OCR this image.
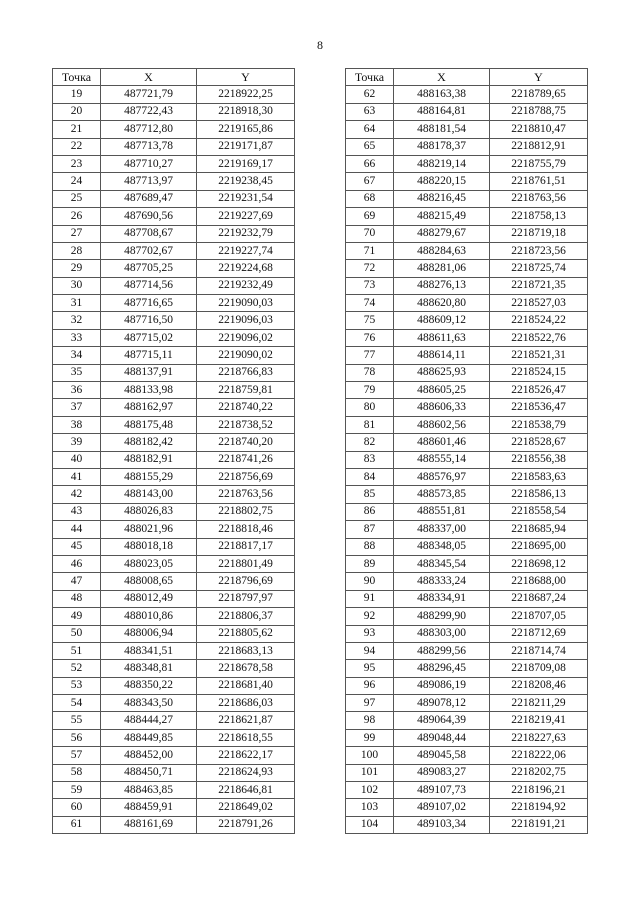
8
Точка	X	Y
19	487721,79	2218922,25
20	487722,43	2218918,30
21	487712,80	2219165,86
22	487713,78	2219171,87
23	487710,27	2219169,17
24	487713,97	2219238,45
25	487689,47	2219231,54
26	487690,56	2219227,69
27	487708,67	2219232,79
28	487702,67	2219227,74
29	487705,25	2219224,68
30	487714,56	2219232,49
31	487716,65	2219090,03
32	487716,50	2219096,03
33	487715,02	2219096,02
34	487715,11	2219090,02
35	488137,91	2218766,83
36	488133,98	2218759,81
37	488162,97	2218740,22
38	488175,48	2218738,52
39	488182,42	2218740,20
40	488182,91	2218741,26
41	488155,29	2218756,69
42	488143,00	2218763,56
43	488026,83	2218802,75
44	488021,96	2218818,46
45	488018,18	2218817,17
46	488023,05	2218801,49
47	488008,65	2218796,69
48	488012,49	2218797,97
49	488010,86	2218806,37
50	488006,94	2218805,62
51	488341,51	2218683,13
52	488348,81	2218678,58
53	488350,22	2218681,40
54	488343,50	2218686,03
55	488444,27	2218621,87
56	488449,85	2218618,55
57	488452,00	2218622,17
58	488450,71	2218624,93
59	488463,85	2218646,81
60	488459,91	2218649,02
61	488161,69	2218791,26
Точка	X	Y
62	488163,38	2218789,65
63	488164,81	2218788,75
64	488181,54	2218810,47
65	488178,37	2218812,91
66	488219,14	2218755,79
67	488220,15	2218761,51
68	488216,45	2218763,56
69	488215,49	2218758,13
70	488279,67	2218719,18
71	488284,63	2218723,56
72	488281,06	2218725,74
73	488276,13	2218721,35
74	488620,80	2218527,03
75	488609,12	2218524,22
76	488611,63	2218522,76
77	488614,11	2218521,31
78	488625,93	2218524,15
79	488605,25	2218526,47
80	488606,33	2218536,47
81	488602,56	2218538,79
82	488601,46	2218528,67
83	488555,14	2218556,38
84	488576,97	2218583,63
85	488573,85	2218586,13
86	488551,81	2218558,54
87	488337,00	2218685,94
88	488348,05	2218695,00
89	488345,54	2218698,12
90	488333,24	2218688,00
91	488334,91	2218687,24
92	488299,90	2218707,05
93	488303,00	2218712,69
94	488299,56	2218714,74
95	488296,45	2218709,08
96	489086,19	2218208,46
97	489078,12	2218211,29
98	489064,39	2218219,41
99	489048,44	2218227,63
100	489045,58	2218222,06
101	489083,27	2218202,75
102	489107,73	2218196,21
103	489107,02	2218194,92
104	489103,34	2218191,21
